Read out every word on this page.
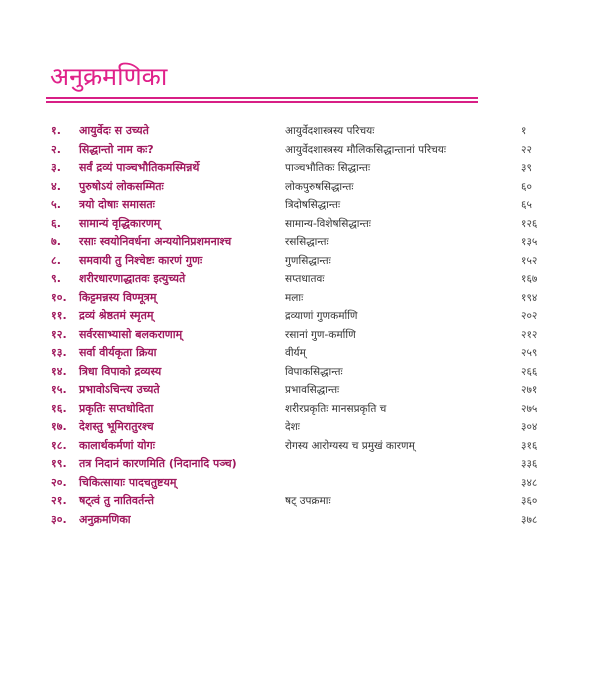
अनुक्रमणिका
१. आयुर्वेदः स उच्यते	आयुर्वेदशास्त्रस्य परिचयः	१
२. सिद्धान्तो नाम कः?	आयुर्वेदशास्त्रस्य मौलिकसिद्धान्तानां परिचयः	२२
३. सर्वं द्रव्यं पाञ्चभौतिकमस्मिन्नर्थे	पाञ्चभौतिकः सिद्धान्तः	३९
४. पुरुषोऽयं लोकसम्मितः	लोकपुरुषसिद्धान्तः	६०
५. त्रयो दोषाः समासतः	त्रिदोषसिद्धान्तः	६५
६. सामान्यं वृद्धिकारणम्	सामान्य-विशेषसिद्धान्तः	१२६
७. रसाः स्वयोनिवर्धना अन्ययोनिप्रशमनाश्च	रससिद्धान्तः	१३५
८. समवायी तु निश्चेष्टः कारणं गुणः	गुणसिद्धान्तः	१५२
९. शरीरधारणाद्धातवः इत्युच्यते	सप्तधातवः	१६७
१०. किट्टमन्नस्य विण्मूत्रम्	मलाः	१९४
११. द्रव्यं श्रेष्ठतमं स्मृतम्	द्रव्याणां गुणकर्माणि	२०२
१२. सर्वरसाभ्यासो बलकराणाम्	रसानां गुण-कर्माणि	२१२
१३. सर्वा वीर्यकृता क्रिया	वीर्यम्	२५९
१४. त्रिधा विपाको द्रव्यस्य	विपाकसिद्धान्तः	२६६
१५. प्रभावोऽचिन्त्य उच्यते	प्रभावसिद्धान्तः	२७१
१६. प्रकृतिः सप्तधोदिता	शरीरप्रकृतिः मानसप्रकृति च	२७५
१७. देशस्तु भूमिरातुरश्च	देशः	३०४
१८. कालार्थकर्मणां योगः	रोगस्य आरोग्यस्य च प्रमुखं कारणम्	३१६
१९. तत्र निदानं कारणमिति (निदानादि पञ्च)	३३६
२०. चिकित्सायाः पादचतुष्टयम्	३४८
२१. षट्त्वं तु नातिवर्तन्ते	षट् उपक्रमाः	३६०
३०. अनुक्रमणिका	३७८
